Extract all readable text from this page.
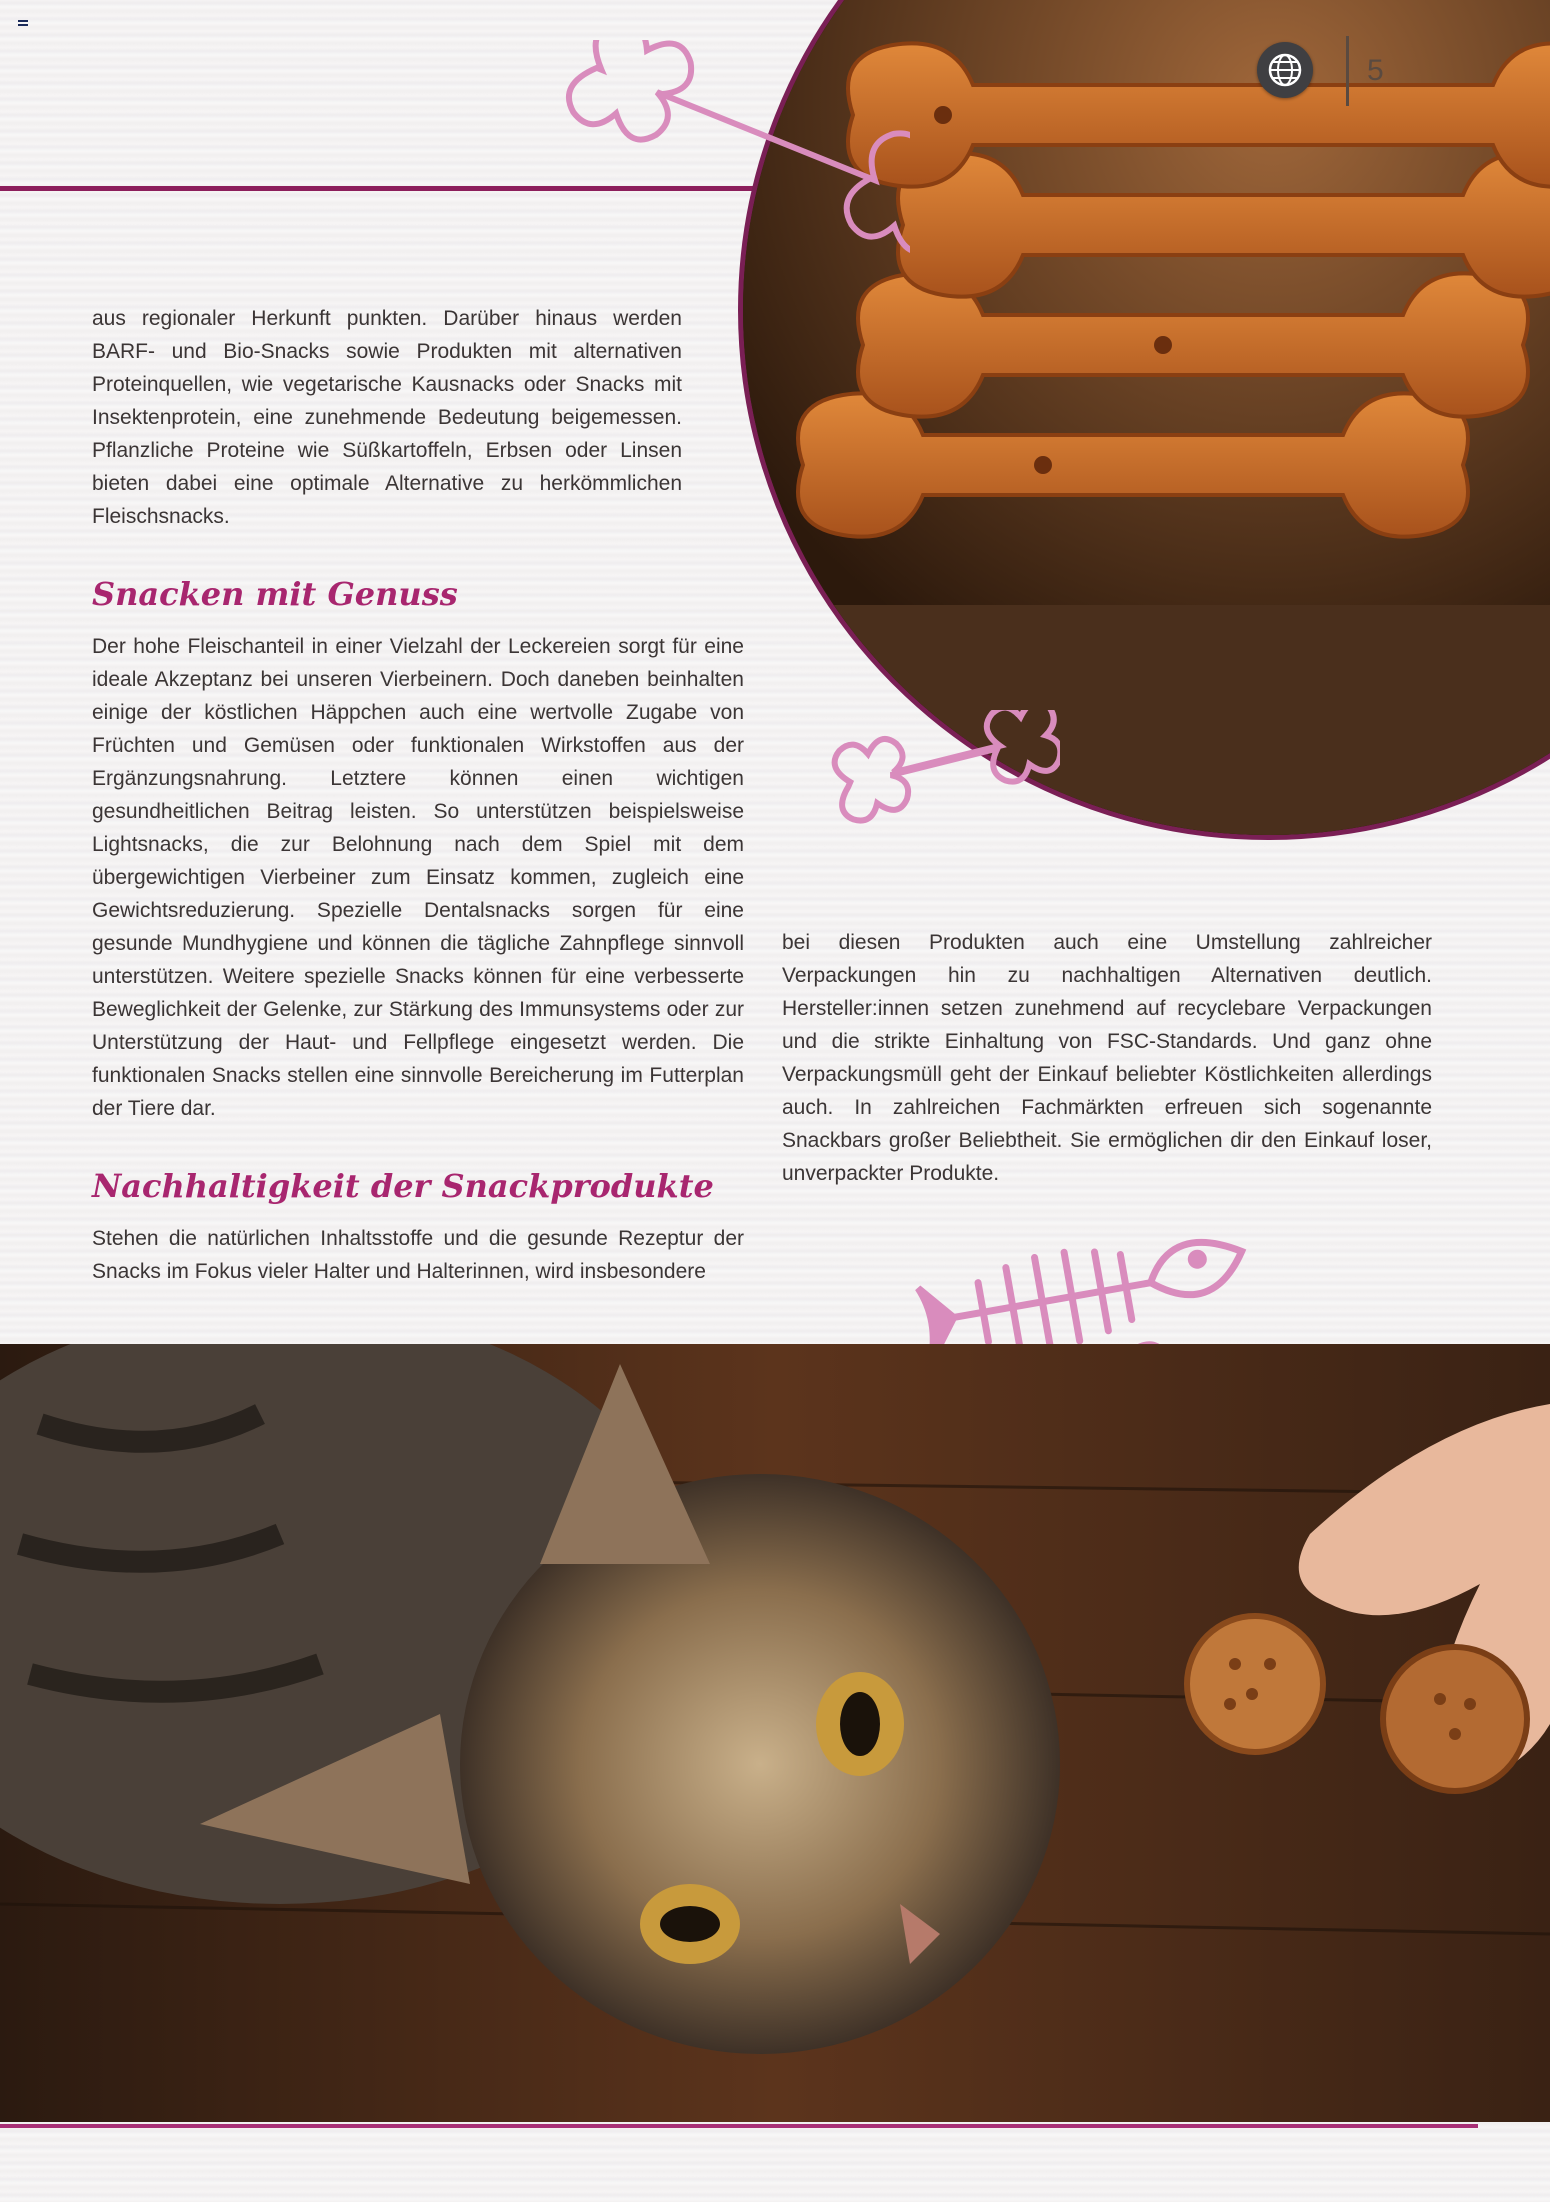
5
aus regionaler Herkunft punkten. Darüber hinaus werden BARF- und Bio-Snacks sowie Produkten mit alternativen Proteinquellen, wie vegetarische Kausnacks oder Snacks mit Insektenprotein, eine zunehmende Bedeutung beigemessen. Pflanzliche Proteine wie Süßkartoffeln, Erbsen oder Linsen bieten dabei eine optimale Alternative zu herkömmlichen Fleischsnacks.
Snacken mit Genuss
Der hohe Fleischanteil in einer Vielzahl der Leckereien sorgt für eine ideale Akzeptanz bei unseren Vierbeinern. Doch daneben beinhalten einige der köstlichen Häppchen auch eine wertvolle Zugabe von Früchten und Gemüsen oder funktionalen Wirkstoffen aus der Ergänzungsnahrung. Letztere können einen wichtigen gesundheitlichen Beitrag leisten. So unterstützen beispielsweise Lightsnacks, die zur Belohnung nach dem Spiel mit dem übergewichtigen Vierbeiner zum Einsatz kommen, zugleich eine Gewichtsreduzierung. Spezielle Dentalsnacks sorgen für eine gesunde Mundhygiene und können die tägliche Zahnpflege sinnvoll unterstützen. Weitere spezielle Snacks können für eine verbesserte Beweglichkeit der Gelenke, zur Stärkung des Immunsystems oder zur Unterstützung der Haut- und Fellpflege eingesetzt werden. Die funktionalen Snacks stellen eine sinnvolle Bereicherung im Futterplan der Tiere dar.
Nachhaltigkeit der Snackprodukte
Stehen die natürlichen Inhaltsstoffe und die gesunde Rezeptur der Snacks im Fokus vieler Halter und Halterinnen, wird insbesondere
bei diesen Produkten auch eine Umstellung zahlreicher Verpackungen hin zu nachhaltigen Alternativen deutlich. Hersteller:innen setzen zunehmend auf recyclebare Verpackungen und die strikte Einhaltung von FSC-Standards. Und ganz ohne Verpackungsmüll geht der Einkauf beliebter Köstlichkeiten allerdings auch. In zahlreichen Fachmärkten erfreuen sich sogenannte Snackbars großer Beliebtheit. Sie ermöglichen dir den Einkauf loser, unverpackter Produkte.
